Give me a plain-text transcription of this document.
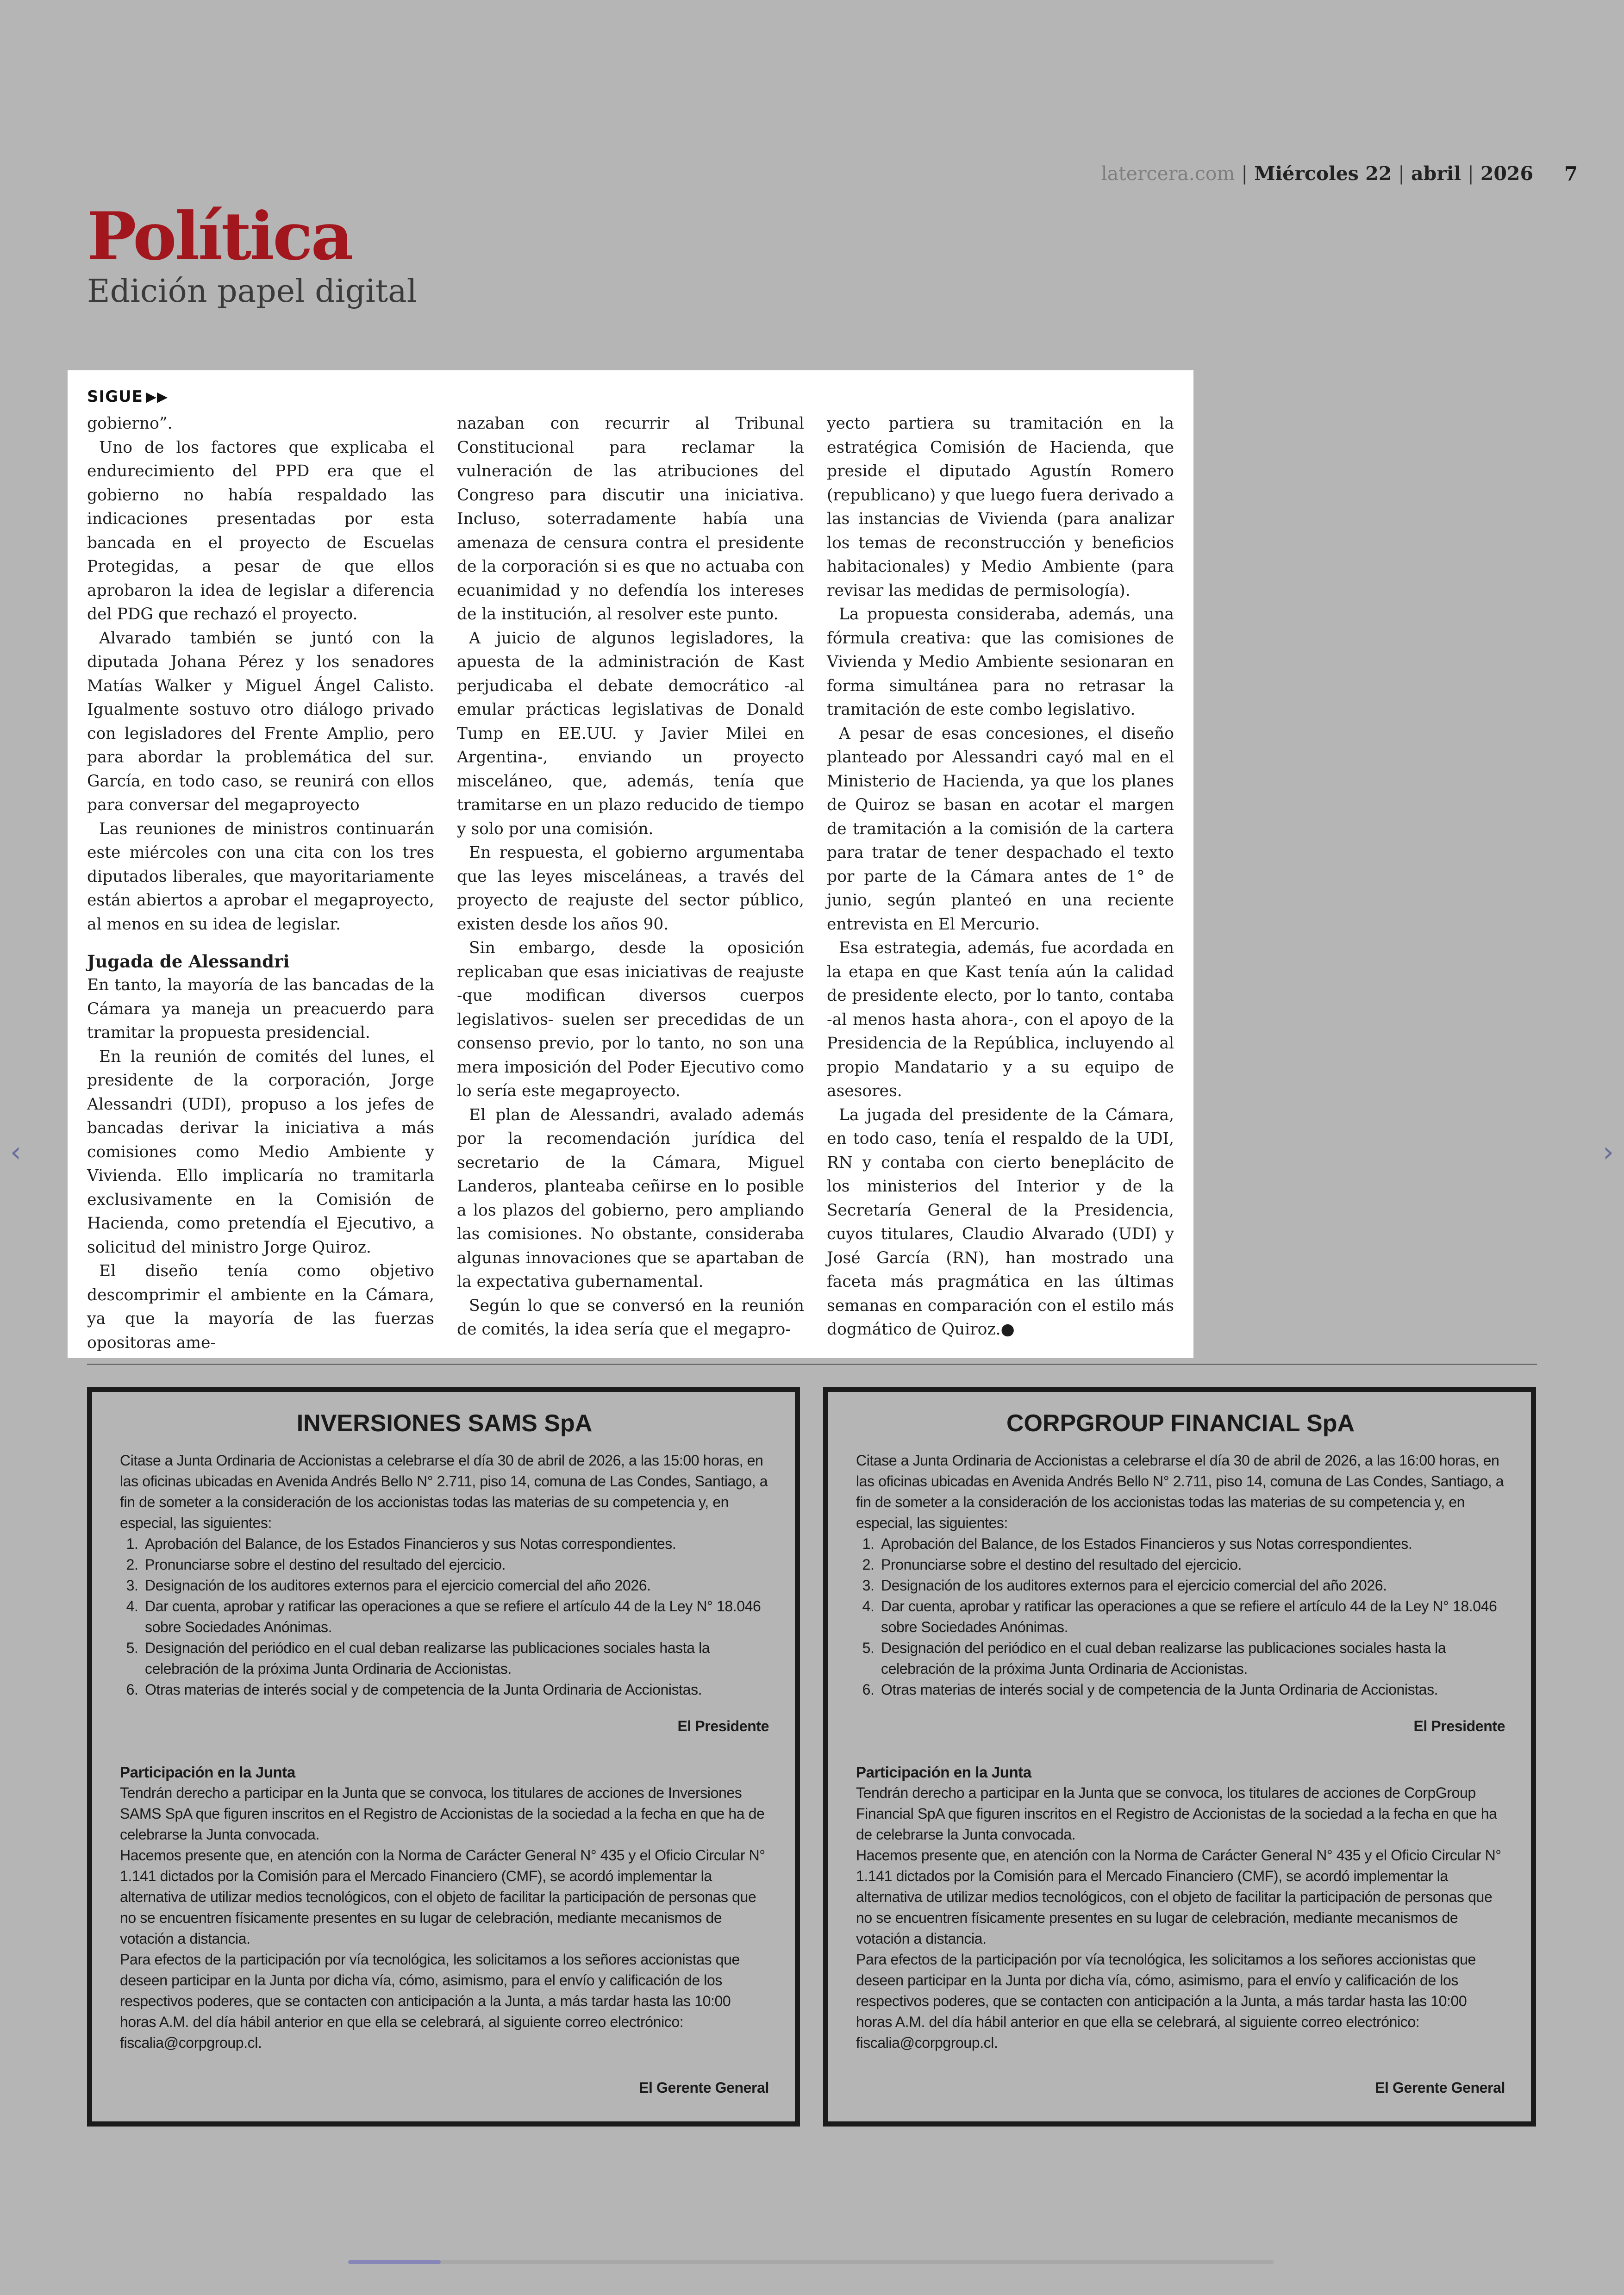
latercera.com | Miércoles 22 | abril | 2026 7
Política
Edición papel digital
SIGUE ▶▶

gobierno”.

Uno de los factores que explicaba el endurecimiento del PPD era que el gobierno no había respaldado las indicaciones presentadas por esta bancada en el proyecto de Escuelas Protegidas, a pesar de que ellos aprobaron la idea de legislar a diferencia del PDG que rechazó el proyecto.

Alvarado también se juntó con la diputada Johana Pérez y los senadores Matías Walker y Miguel Ángel Calisto. Igualmente sostuvo otro diálogo privado con legisladores del Frente Amplio, pero para abordar la problemática del sur. García, en todo caso, se reunirá con ellos para conversar del megaproyecto

Las reuniones de ministros continuarán este miércoles con una cita con los tres diputados liberales, que mayoritariamente están abiertos a aprobar el megaproyecto, al menos en su idea de legislar.

Jugada de Alessandri

En tanto, la mayoría de las bancadas de la Cámara ya maneja un preacuerdo para tramitar la propuesta presidencial.

En la reunión de comités del lunes, el presidente de la corporación, Jorge Alessandri (UDI), propuso a los jefes de bancadas derivar la iniciativa a más comisiones como Medio Ambiente y Vivienda. Ello implicaría no tramitarla exclusivamente en la Comisión de Hacienda, como pretendía el Ejecutivo, a solicitud del ministro Jorge Quiroz.

El diseño tenía como objetivo descomprimir el ambiente en la Cámara, ya que la mayoría de las fuerzas opositoras ame-

nazaban con recurrir al Tribunal Constitucional para reclamar la vulneración de las atribuciones del Congreso para discutir una iniciativa. Incluso, soterradamente había una amenaza de censura contra el presidente de la corporación si es que no actuaba con ecuanimidad y no defendía los intereses de la institución, al resolver este punto.

A juicio de algunos legisladores, la apuesta de la administración de Kast perjudicaba el debate democrático -al emular prácticas legislativas de Donald Tump en EE.UU. y Javier Milei en Argentina-, enviando un proyecto misceláneo, que, además, tenía que tramitarse en un plazo reducido de tiempo y solo por una comisión.

En respuesta, el gobierno argumentaba que las leyes misceláneas, a través del proyecto de reajuste del sector público, existen desde los años 90.

Sin embargo, desde la oposición replicaban que esas iniciativas de reajuste -que modifican diversos cuerpos legislativos- suelen ser precedidas de un consenso previo, por lo tanto, no son una mera imposición del Poder Ejecutivo como lo sería este megaproyecto.

El plan de Alessandri, avalado además por la recomendación jurídica del secretario de la Cámara, Miguel Landeros, planteaba ceñirse en lo posible a los plazos del gobierno, pero ampliando las comisiones. No obstante, consideraba algunas innovaciones que se apartaban de la expectativa gubernamental.

Según lo que se conversó en la reunión de comités, la idea sería que el megapro-

yecto partiera su tramitación en la estratégica Comisión de Hacienda, que preside el diputado Agustín Romero (republicano) y que luego fuera derivado a las instancias de Vivienda (para analizar los temas de reconstrucción y beneficios habitacionales) y Medio Ambiente (para revisar las medidas de permisología).

La propuesta consideraba, además, una fórmula creativa: que las comisiones de Vivienda y Medio Ambiente sesionaran en forma simultánea para no retrasar la tramitación de este combo legislativo.

A pesar de esas concesiones, el diseño planteado por Alessandri cayó mal en el Ministerio de Hacienda, ya que los planes de Quiroz se basan en acotar el margen de tramitación a la comisión de la cartera para tratar de tener despachado el texto por parte de la Cámara antes de 1° de junio, según planteó en una reciente entrevista en El Mercurio.

Esa estrategia, además, fue acordada en la etapa en que Kast tenía aún la calidad de presidente electo, por lo tanto, contaba -al menos hasta ahora-, con el apoyo de la Presidencia de la República, incluyendo al propio Mandatario y a su equipo de asesores.

La jugada del presidente de la Cámara, en todo caso, tenía el respaldo de la UDI, RN y contaba con cierto beneplácito de los ministerios del Interior y de la Secretaría General de la Presidencia, cuyos titulares, Claudio Alvarado (UDI) y José García (RN), han mostrado una faceta más pragmática en las últimas semanas en comparación con el estilo más dogmático de Quiroz.●

INVERSIONES SAMS SpA

Citase a Junta Ordinaria de Accionistas a celebrarse el día 30 de abril de 2026, a las 15:00 horas, en las oficinas ubicadas en Avenida Andrés Bello N° 2.711, piso 14, comuna de Las Condes, Santiago, a fin de someter a la consideración de los accionistas todas las materias de su competencia y, en especial, las siguientes:

1. Aprobación del Balance, de los Estados Financieros y sus Notas correspondientes.
2. Pronunciarse sobre el destino del resultado del ejercicio.
3. Designación de los auditores externos para el ejercicio comercial del año 2026.
4. Dar cuenta, aprobar y ratificar las operaciones a que se refiere el artículo 44 de la Ley N° 18.046 sobre Sociedades Anónimas.
5. Designación del periódico en el cual deban realizarse las publicaciones sociales hasta la celebración de la próxima Junta Ordinaria de Accionistas.
6. Otras materias de interés social y de competencia de la Junta Ordinaria de Accionistas.
El Presidente
Participación en la Junta

Tendrán derecho a participar en la Junta que se convoca, los titulares de acciones de Inversiones SAMS SpA que figuren inscritos en el Registro de Accionistas de la sociedad a la fecha en que ha de celebrarse la Junta convocada.

Hacemos presente que, en atención con la Norma de Carácter General N° 435 y el Oficio Circular N° 1.141 dictados por la Comisión para el Mercado Financiero (CMF), se acordó implementar la alternativa de utilizar medios tecnológicos, con el objeto de facilitar la participación de personas que no se encuentren físicamente presentes en su lugar de celebración, mediante mecanismos de votación a distancia.

Para efectos de la participación por vía tecnológica, les solicitamos a los señores accionistas que deseen participar en la Junta por dicha vía, cómo, asimismo, para el envío y calificación de los respectivos poderes, que se contacten con anticipación a la Junta, a más tardar hasta las 10:00 horas A.M. del día hábil anterior en que ella se celebrará, al siguiente correo electrónico: fiscalia@corpgroup.cl.

El Gerente General
CORPGROUP FINANCIAL SpA

Citase a Junta Ordinaria de Accionistas a celebrarse el día 30 de abril de 2026, a las 16:00 horas, en las oficinas ubicadas en Avenida Andrés Bello N° 2.711, piso 14, comuna de Las Condes, Santiago, a fin de someter a la consideración de los accionistas todas las materias de su competencia y, en especial, las siguientes:

1. Aprobación del Balance, de los Estados Financieros y sus Notas correspondientes.
2. Pronunciarse sobre el destino del resultado del ejercicio.
3. Designación de los auditores externos para el ejercicio comercial del año 2026.
4. Dar cuenta, aprobar y ratificar las operaciones a que se refiere el artículo 44 de la Ley N° 18.046 sobre Sociedades Anónimas.
5. Designación del periódico en el cual deban realizarse las publicaciones sociales hasta la celebración de la próxima Junta Ordinaria de Accionistas.
6. Otras materias de interés social y de competencia de la Junta Ordinaria de Accionistas.
El Presidente
Participación en la Junta

Tendrán derecho a participar en la Junta que se convoca, los titulares de acciones de CorpGroup Financial SpA que figuren inscritos en el Registro de Accionistas de la sociedad a la fecha en que ha de celebrarse la Junta convocada.

Hacemos presente que, en atención con la Norma de Carácter General N° 435 y el Oficio Circular N° 1.141 dictados por la Comisión para el Mercado Financiero (CMF), se acordó implementar la alternativa de utilizar medios tecnológicos, con el objeto de facilitar la participación de personas que no se encuentren físicamente presentes en su lugar de celebración, mediante mecanismos de votación a distancia.

Para efectos de la participación por vía tecnológica, les solicitamos a los señores accionistas que deseen participar en la Junta por dicha vía, cómo, asimismo, para el envío y calificación de los respectivos poderes, que se contacten con anticipación a la Junta, a más tardar hasta las 10:00 horas A.M. del día hábil anterior en que ella se celebrará, al siguiente correo electrónico: fiscalia@corpgroup.cl.

El Gerente General
‹	›
